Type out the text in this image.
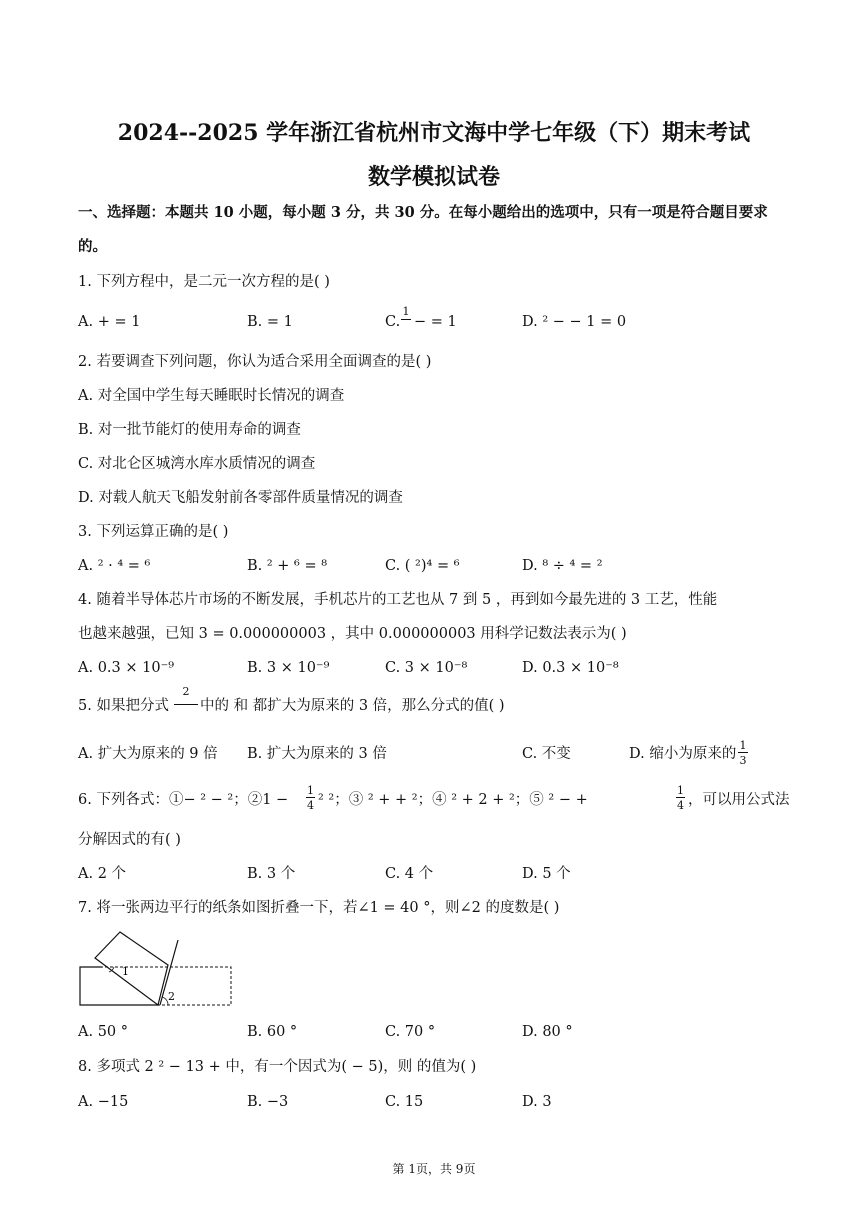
2024--2025 学年浙江省杭州市文海中学七年级（下）期末考试
数学模拟试卷
一、选择题：本题共 10 小题，每小题 3 分，共 30 分。在每小题给出的选项中，只有一项是符合题目要求
的。
1. 下列方程中，是二元一次方程的是( )
A. + = 1	B. = 1	C.
1
− = 1	D. ² − − 1 = 0
2. 若要调查下列问题，你认为适合采用全面调查的是( )
A. 对全国中学生每天睡眠时长情况的调查
B. 对一批节能灯的使用寿命的调查
C. 对北仑区城湾水库水质情况的调查
D. 对载人航天飞船发射前各零部件质量情况的调查
3. 下列运算正确的是( )
A. ² · ⁴ = ⁶	B. ² + ⁶ = ⁸	C. ( ²)⁴ = ⁶	D. ⁸ ÷ ⁴ = ²
4. 随着半导体芯片市场的不断发展，手机芯片的工艺也从 7 到 5 ，再到如今最先进的 3 工艺，性能
也越来越强，已知 3 = 0.000000003 ，其中 0.000000003 用科学记数法表示为( )
A. 0.3 × 10⁻⁹	B. 3 × 10⁻⁹	C. 3 × 10⁻⁸	D. 0.3 × 10⁻⁸
5. 如果把分式
2
中的 和 都扩大为原来的 3 倍，那么分式的值( )
A. 扩大为原来的 9 倍 B. 扩大为原来的 3 倍	C. 不变	D. 缩小为原来的
1
3
6. 下列各式：①− ² − ²；②1 −
1
4 ² ²；③ ² + + ²；④ ² + 2 + ²；⑤ ² − +
1
4 ，可以用公式法
分解因式的有( )
A. 2 个	B. 3 个	C. 4 个	D. 5 个
7. 将一张两边平行的纸条如图折叠一下，若∠1 = 40 °，则∠2 的度数是( )
1
2
A. 50 °	B. 60 °	C. 70 °	D. 80 °
8. 多项式 2 ² − 13 + 中，有一个因式为( − 5)，则 的值为( )
A. −15	B. −3	C. 15	D. 3
第 1页，共 9页
